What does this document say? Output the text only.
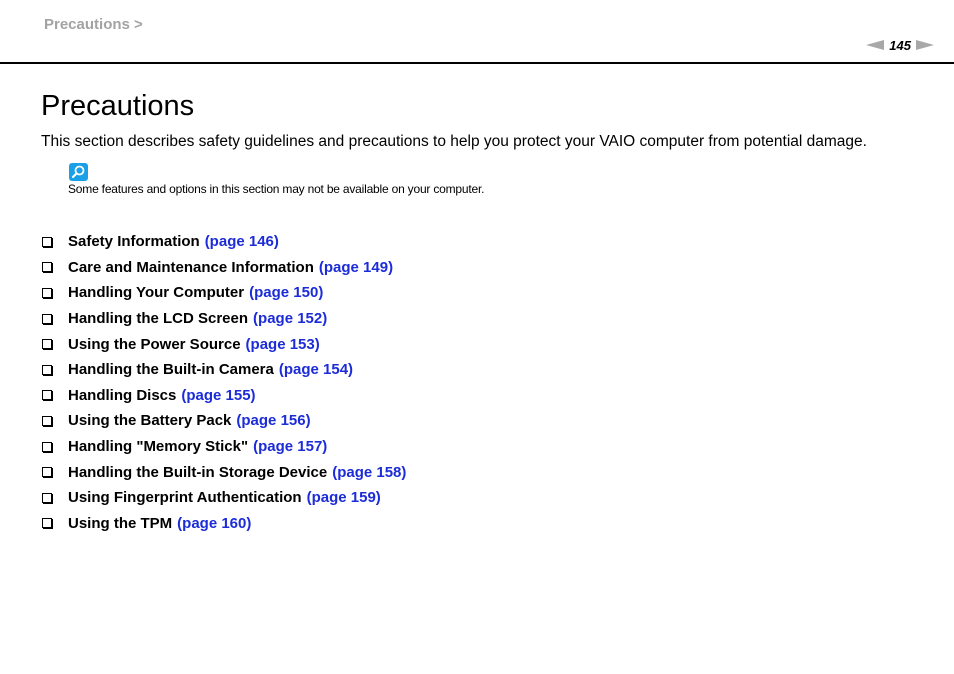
Precautions >
145
Precautions

This section describes safety guidelines and precautions to help you protect your VAIO computer from potential damage.

Some features and options in this section may not be available on your computer.

Safety Information (page 146)
Care and Maintenance Information (page 149)
Handling Your Computer (page 150)
Handling the LCD Screen (page 152)
Using the Power Source (page 153)
Handling the Built-in Camera (page 154)
Handling Discs (page 155)
Using the Battery Pack (page 156)
Handling "Memory Stick" (page 157)
Handling the Built-in Storage Device (page 158)
Using Fingerprint Authentication (page 159)
Using the TPM (page 160)
